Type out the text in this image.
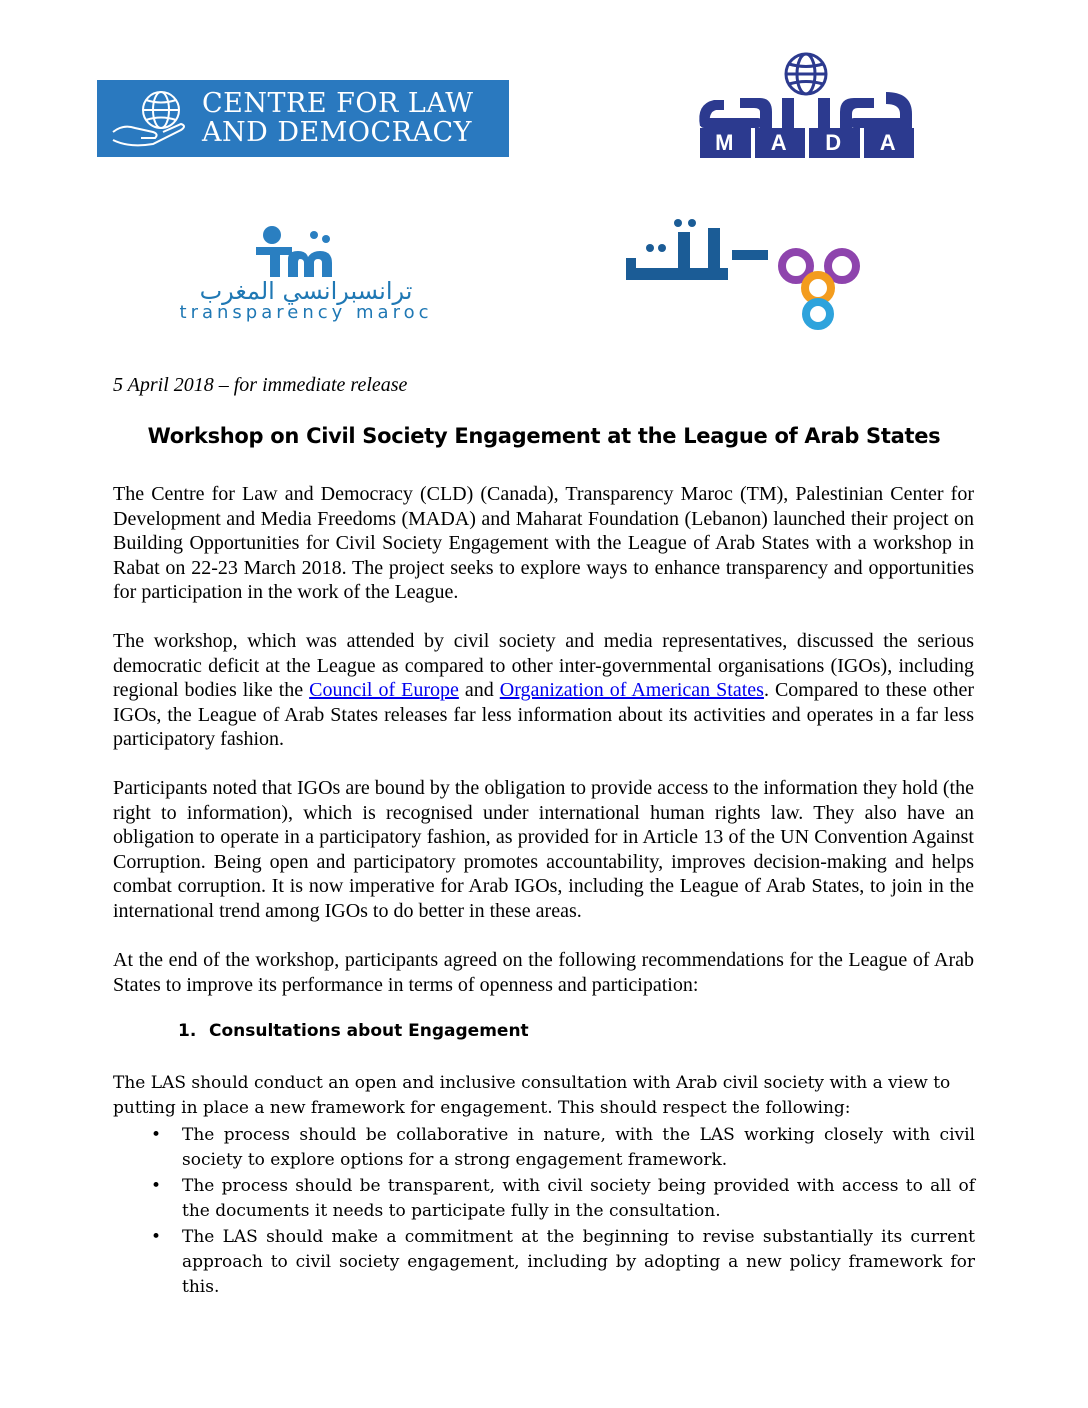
CENTRE FOR LAW
AND DEMOCRACY	M	A	D	A
ترانسبرانسي المغرب
transparency maroc
5 April 2018 – for immediate release
Workshop on Civil Society Engagement at the League of Arab States

The Centre for Law and Democracy (CLD) (Canada), Transparency Maroc (TM), Palestinian Center for Development and Media Freedoms (MADA) and Maharat Foundation (Lebanon) launched their project on Building Opportunities for Civil Society Engagement with the League of Arab States with a workshop in Rabat on 22-23 March 2018. The project seeks to explore ways to enhance transparency and opportunities for participation in the work of the League.

The workshop, which was attended by civil society and media representatives, discussed the serious democratic deficit at the League as compared to other inter-governmental organisations (IGOs), including regional bodies like the Council of Europe and Organization of American States. Compared to these other IGOs, the League of Arab States releases far less information about its activities and operates in a far less participatory fashion.

Participants noted that IGOs are bound by the obligation to provide access to the information they hold (the right to information), which is recognised under international human rights law. They also have an obligation to operate in a participatory fashion, as provided for in Article 13 of the UN Convention Against Corruption. Being open and participatory promotes accountability, improves decision-making and helps combat corruption. It is now imperative for Arab IGOs, including the League of Arab States, to join in the international trend among IGOs to do better in these areas.

At the end of the workshop, participants agreed on the following recommendations for the League of Arab States to improve its performance in terms of openness and participation:

1. Consultations about Engagement

The LAS should conduct an open and inclusive consultation with Arab civil society with a view to putting in place a new framework for engagement. This should respect the following:

• The process should be collaborative in nature, with the LAS working closely with civil society to explore options for a strong engagement framework.
• The process should be transparent, with civil society being provided with access to all of the documents it needs to participate fully in the consultation.
• The LAS should make a commitment at the beginning to revise substantially its current approach to civil society engagement, including by adopting a new policy framework for this.
